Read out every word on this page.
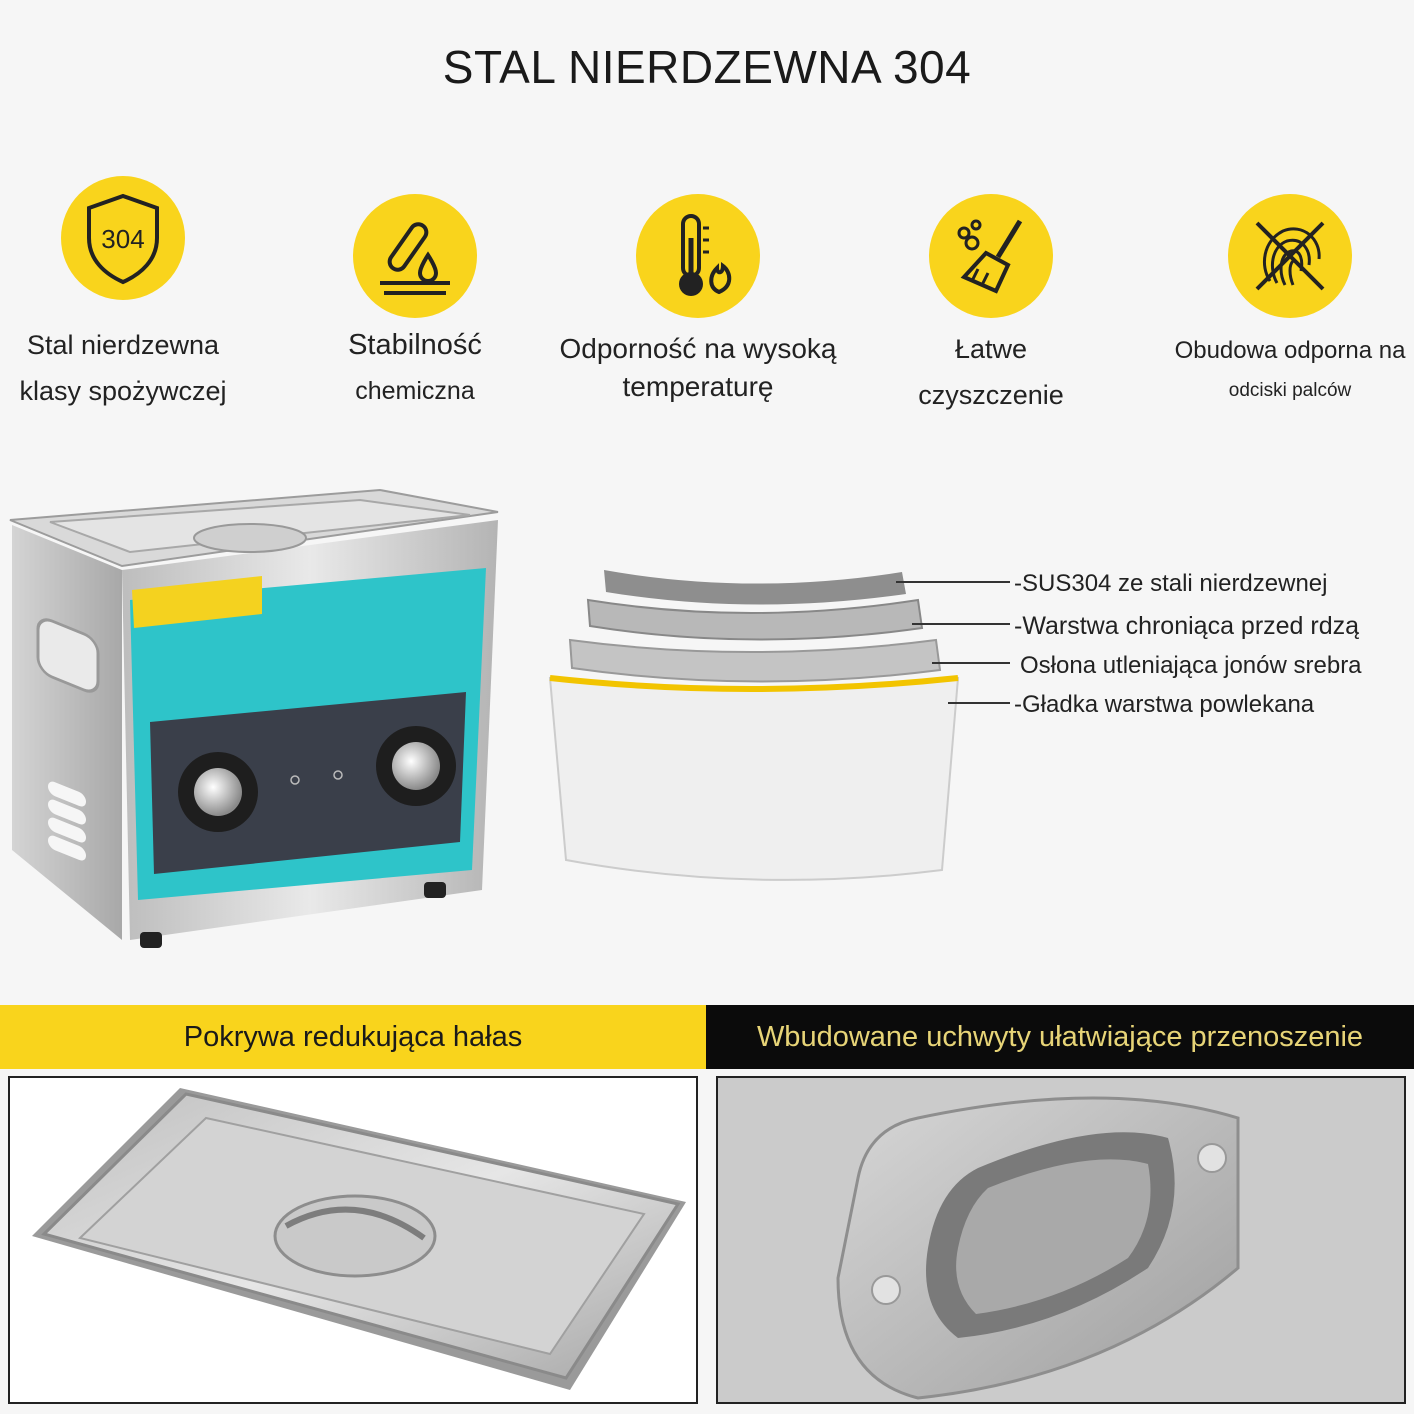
STAL NIERDZEWNA 304
304
Stal nierdzewna
klasy spożywczej
Stabilność
chemiczna
Odporność na wysoką
temperaturę
Łatwe
czyszczenie
Obudowa odporna na
odciski palców
-SUS304 ze stali nierdzewnej
-Warstwa chroniąca przed rdzą
Osłona utleniająca jonów srebra
-Gładka warstwa powlekana
Pokrywa redukująca hałas	Wbudowane uchwyty ułatwiające przenoszenie
